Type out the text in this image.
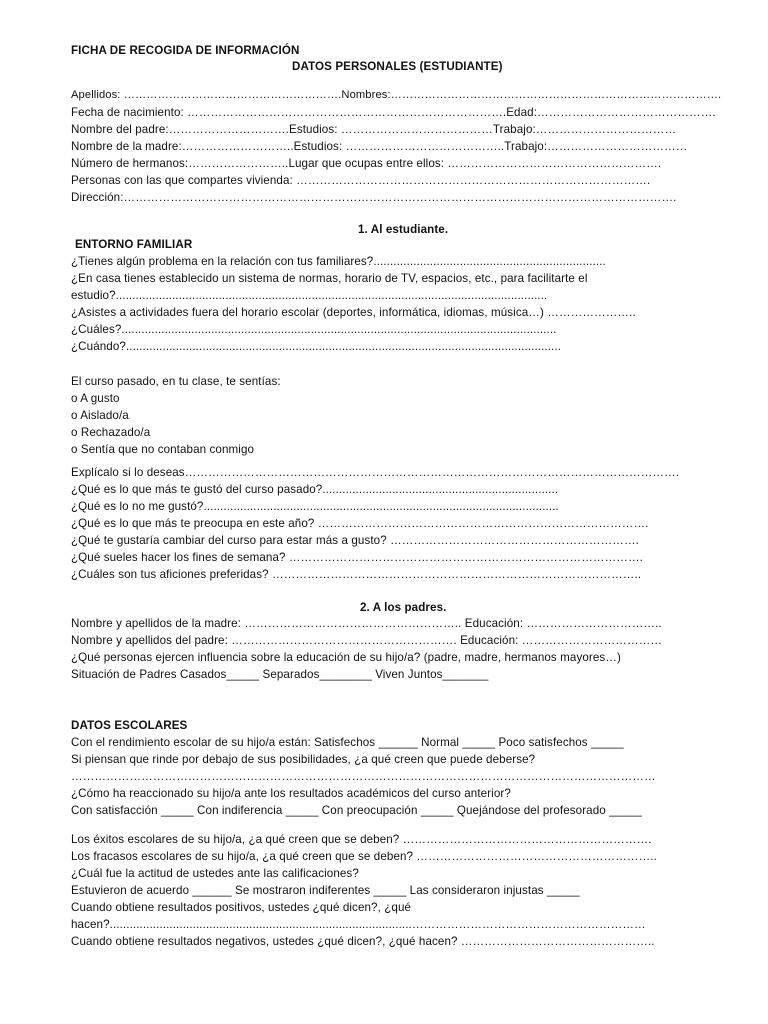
FICHA DE RECOGIDA DE INFORMACIÓN
DATOS PERSONALES (ESTUDIANTE)
Apellidos: ………………………………………………….Nombres:…………………………………………………………………………….
Fecha de nacimiento: ……………………………………………………………………….Edad:……………………………………….
Nombre del padre:………………………….Estudios: …………………………………Trabajo:………………………………
Nombre de la madre:………………………..Estudios: …………………………………..Trabajo:………………………………
Número de hermanos:……………………..Lugar que ocupas entre ellos: ……………………………………………….
Personas con las que compartes vivienda: ……………………………………………………………………………….
Dirección:…………………………………………………………………………………………………………………………….
1. Al estudiante.
ENTORNO FAMILIAR
¿Tienes algún problema en la relación con tus familiares?......................................................................
¿En casa tienes establecido un sistema de normas, horario de TV, espacios, etc., para facilitarte el
estudio?..................................................................................................................................
¿Asistes a actividades fuera del horario escolar (deportes, informática, idiomas, música…) …………………..
¿Cuáles?...................................................................................................................................
¿Cuándo?...................................................................................................................................
El curso pasado, en tu clase, te sentías:
o A gusto
o Aislado/a
o Rechazado/a
o Sentía que no contaban conmigo
Explícalo si lo deseas……………………………………………………………………………………………………………….
¿Qué es lo que más te gustó del curso pasado?.......................................................................
¿Qué es lo no me gustó?...........................................................................................................
¿Qué es lo que más te preocupa en este año? ………………………………………………………………………….
¿Qué te gustaría cambiar del curso para estar más a gusto? ……………………………………………………….
¿Qué sueles hacer los fines de semana? ……………………………………………………………………………….
¿Cuáles son tus aficiones preferidas? …………………………………………………………………………………..
2. A los padres.
Nombre y apellidos de la madre: ……………………………………………….. Educación: ……………………………..
Nombre y apellidos del padre: …………………………………………………. Educación: ………………………………
¿Qué personas ejercen influencia sobre la educación de su hijo/a? (padre, madre, hermanos mayores…)
Situación de Padres Casados_____ Separados________ Viven Juntos_______
DATOS ESCOLARES
Con el rendimiento escolar de su hijo/a están: Satisfechos ______ Normal _____ Poco satisfechos _____
Si piensan que rinde por debajo de sus posibilidades, ¿a qué creen que puede deberse?
……………………………………………………………………………………………………………………………………
¿Cómo ha reaccionado su hijo/a ante los resultados académicos del curso anterior?
Con satisfacción _____ Con indiferencia _____ Con preocupación _____ Quejándose del profesorado _____
Los éxitos escolares de su hijo/a, ¿a qué creen que se deben? ……………………………………………………….
Los fracasos escolares de su hijo/a, ¿a qué creen que se deben? ……………………………………………………..
¿Cuál fue la actitud de ustedes ante las calificaciones?
Estuvieron de acuerdo ______ Se mostraron indiferentes _____ Las consideraron injustas _____
Cuando obtiene resultados positivos, ustedes ¿qué dicen?, ¿qué
hacen?...........................................................................................……………………………………………………
Cuando obtiene resultados negativos, ustedes ¿qué dicen?, ¿qué hacen? …………………………………………..
